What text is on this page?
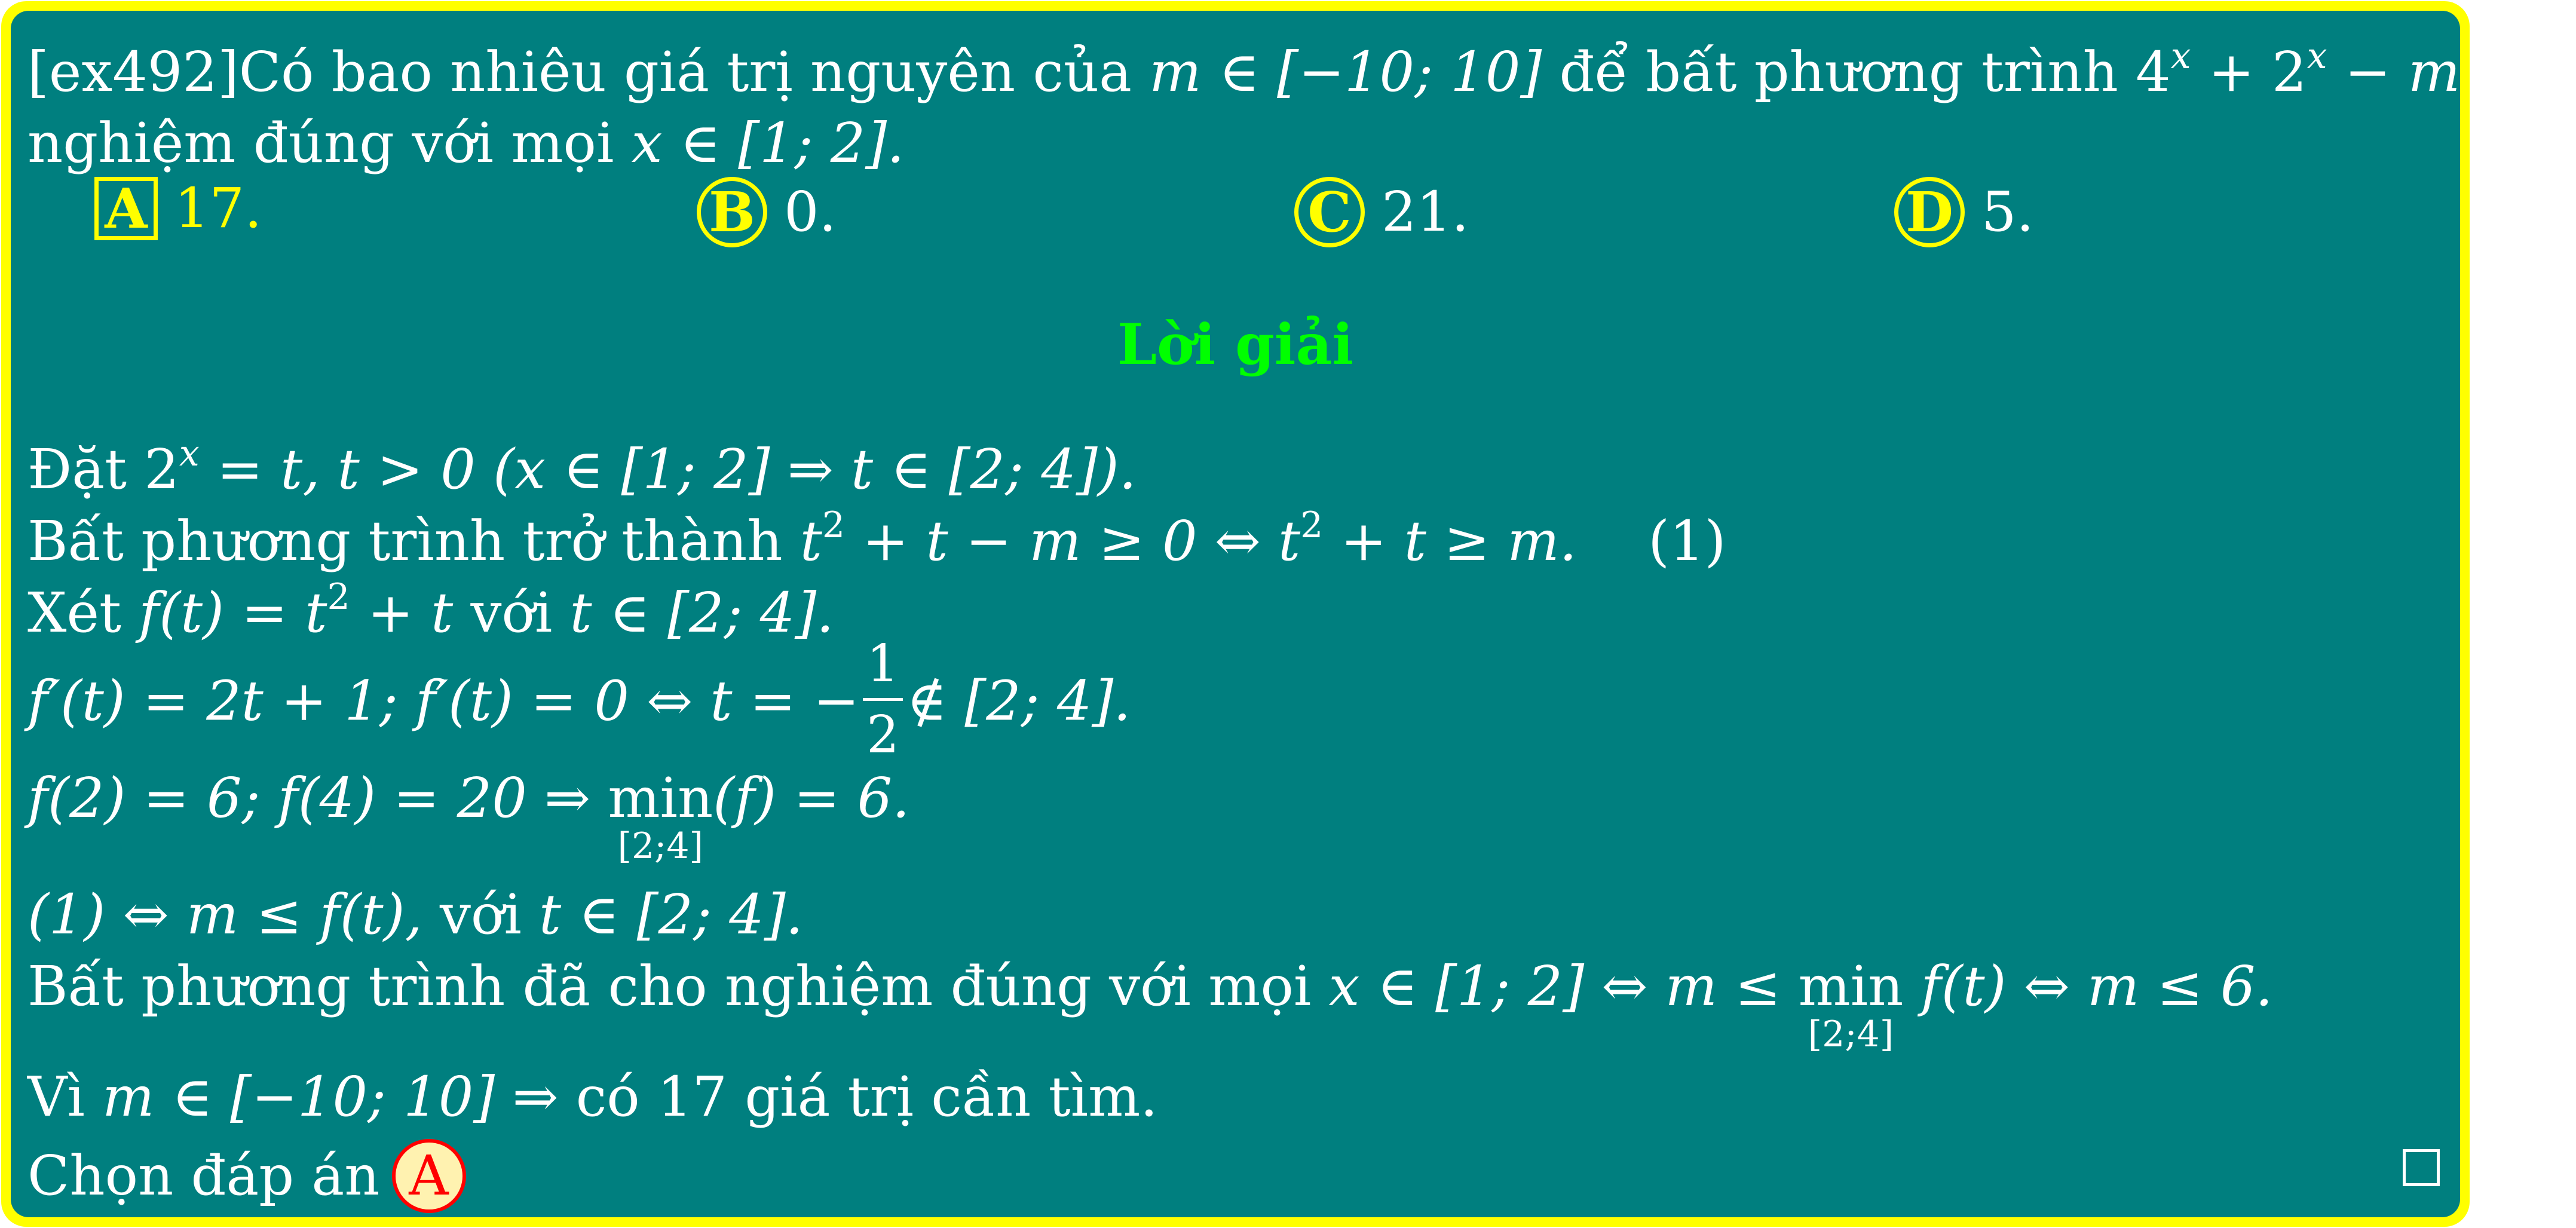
[ex492]Có bao nhiêu giá trị nguyên của m ∈ [−10; 10] để bất phương trình $4^x + 2^x - m \ge 0$
nghiệm đúng với mọi x ∈ [1; 2].
A 17.	B 0.	C 21.	D 5.
Lời giải
Đặt $2^x = t$, t > 0 (x ∈ [1; 2] ⇒ t ∈ [2; 4]).
Bất phương trình trở thành $t^2 + t - m \ge 0$ ⇔ $t^2 + t \ge m$. (1)
Xét $f(t) = t^2 + t$ với t ∈ [2; 4].
f′(t) = 2t + 1; f′(t) = 0 ⇔ t = − $\frac{1}{2}$ ∉ [2; 4].
f(2) = 6; f(4) = 20 ⇒ min
[2;4]
(f) = 6.
(1) ⇔ m ≤ f(t), với t ∈ [2; 4].
Bất phương trình đã cho nghiệm đúng với mọi x ∈ [1; 2] ⇔ m ≤ min
[2;4]
f(t) ⇔ m ≤ 6.
Vì m ∈ [−10; 10] ⇒ có 17 giá trị cần tìm.
Chọn đáp án A
